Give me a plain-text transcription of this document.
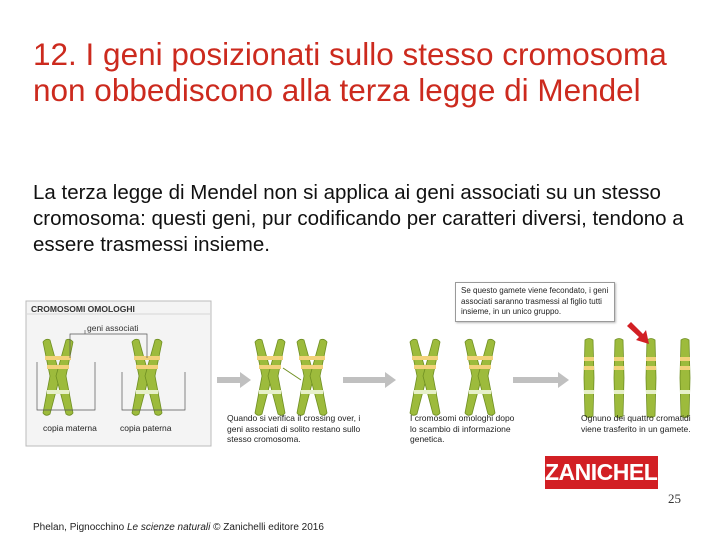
12. I geni posizionati sullo stesso cromosoma non obbediscono alla terza legge di Mendel
La terza legge di Mendel non si applica ai geni associati su un stesso cromosoma: questi geni, pur codificando per caratteri diversi, tendono a essere trasmessi insieme.
CROMOSOMI OMOLOGHI
geni associati
copia materna	copia paterna
Quando si verifica il crossing over, i geni associati di solito restano sullo stesso cromosoma.
I cromosomi omologhi dopo lo scambio di informazione genetica.
Ognuno dei quattro cromatidi viene trasferito in un gamete.
Se questo gamete viene fecondato, i geni associati saranno trasmessi al figlio tutti insieme, in un unico gruppo.
ZANICHELLI
25
Phelan, Pignocchino Le scienze naturali © Zanichelli editore 2016
